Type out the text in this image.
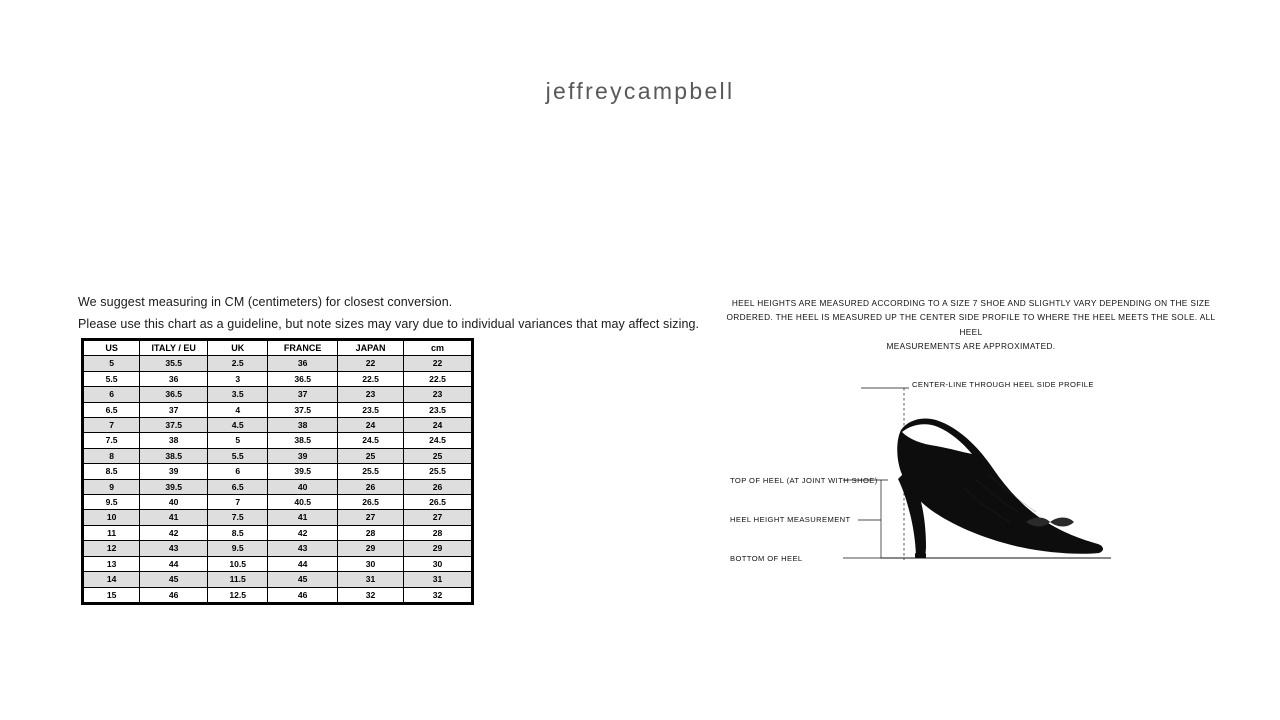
jeffreycampbell
We suggest measuring in CM (centimeters) for closest conversion.
Please use this chart as a guideline, but note sizes may vary due to individual variances that may affect sizing.
US	ITALY / EU	UK	FRANCE	JAPAN	cm
5	35.5	2.5	36	22	22
5.5	36	3	36.5	22.5	22.5
6	36.5	3.5	37	23	23
6.5	37	4	37.5	23.5	23.5
7	37.5	4.5	38	24	24
7.5	38	5	38.5	24.5	24.5
8	38.5	5.5	39	25	25
8.5	39	6	39.5	25.5	25.5
9	39.5	6.5	40	26	26
9.5	40	7	40.5	26.5	26.5
10	41	7.5	41	27	27
11	42	8.5	42	28	28
12	43	9.5	43	29	29
13	44	10.5	44	30	30
14	45	11.5	45	31	31
15	46	12.5	46	32	32
HEEL HEIGHTS ARE MEASURED ACCORDING TO A SIZE 7 SHOE AND SLIGHTLY VARY DEPENDING ON THE SIZE
ORDERED. THE HEEL IS MEASURED UP THE CENTER SIDE PROFILE TO WHERE THE HEEL MEETS THE SOLE. ALL HEEL
MEASUREMENTS ARE APPROXIMATED.
CENTER-LINE THROUGH HEEL SIDE PROFILE
TOP OF HEEL (AT JOINT WITH SHOE)
HEEL HEIGHT MEASUREMENT
BOTTOM OF HEEL
